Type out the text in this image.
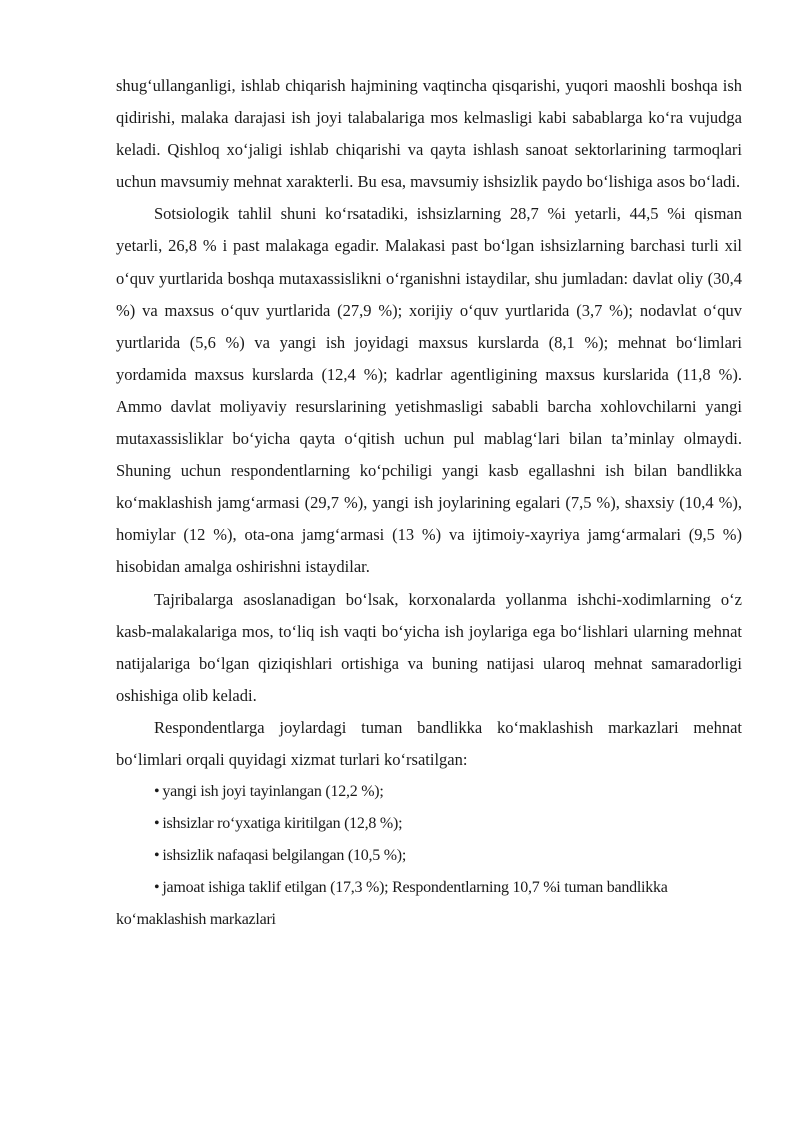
shug‘ullanganligi, ishlab chiqarish hajmining vaqtincha qisqarishi, yuqori maoshli boshqa ish qidirishi, malaka darajasi ish joyi talabalariga mos kelmasligi kabi sabablarga ko‘ra vujudga keladi. Qishloq xo‘jaligi ishlab chiqarishi va qayta ishlash sanoat sektorlarining tarmoqlari uchun mavsumiy mehnat xarakterli. Bu esa, mavsumiy ishsizlik paydo bo‘lishiga asos bo‘ladi.

Sotsiologik tahlil shuni ko‘rsatadiki, ishsizlarning 28,7 %i yetarli, 44,5 %i qisman yetarli, 26,8 % i past malakaga egadir. Malakasi past bo‘lgan ishsizlarning barchasi turli xil o‘quv yurtlarida boshqa mutaxassislikni o‘rganishni istaydilar, shu jumladan: davlat oliy (30,4 %) va maxsus o‘quv yurtlarida (27,9 %); xorijiy o‘quv yurtlarida (3,7 %); nodavlat o‘quv yurtlarida (5,6 %) va yangi ish joyidagi maxsus kurslarda (8,1 %); mehnat bo‘limlari yordamida maxsus kurslarda (12,4 %); kadrlar agentligining maxsus kurslarida (11,8 %). Ammo davlat moliyaviy resurslarining yetishmasligi sababli barcha xohlovchilarni yangi mutaxassisliklar bo‘yicha qayta o‘qitish uchun pul mablag‘lari bilan ta’minlay olmaydi. Shuning uchun respondentlarning ko‘pchiligi yangi kasb egallashni ish bilan bandlikka ko‘maklashish jamg‘armasi (29,7 %), yangi ish joylarining egalari (7,5 %), shaxsiy (10,4 %), homiylar (12 %), ota-ona jamg‘armasi (13 %) va ijtimoiy-xayriya jamg‘armalari (9,5 %) hisobidan amalga oshirishni istaydilar.

Tajribalarga asoslanadigan bo‘lsak, korxonalarda yollanma ishchi-xodimlarning o‘z kasb-malakalariga mos, to‘liq ish vaqti bo‘yicha ish joylariga ega bo‘lishlari ularning mehnat natijalariga bo‘lgan qiziqishlari ortishiga va buning natijasi ularoq mehnat samaradorligi oshishiga olib keladi.

Respondentlarga joylardagi tuman bandlikka ko‘maklashish markazlari mehnat bo‘limlari orqali quyidagi xizmat turlari ko‘rsatilgan:

• yangi ish joyi tayinlangan (12,2 %);
• ishsizlar ro‘yxatiga kiritilgan (12,8 %);
• ishsizlik nafaqasi belgilangan (10,5 %);
• jamoat ishiga taklif etilgan (17,3 %); Respondentlarning 10,7 %i tuman bandlikka ko‘maklashish markazlari
